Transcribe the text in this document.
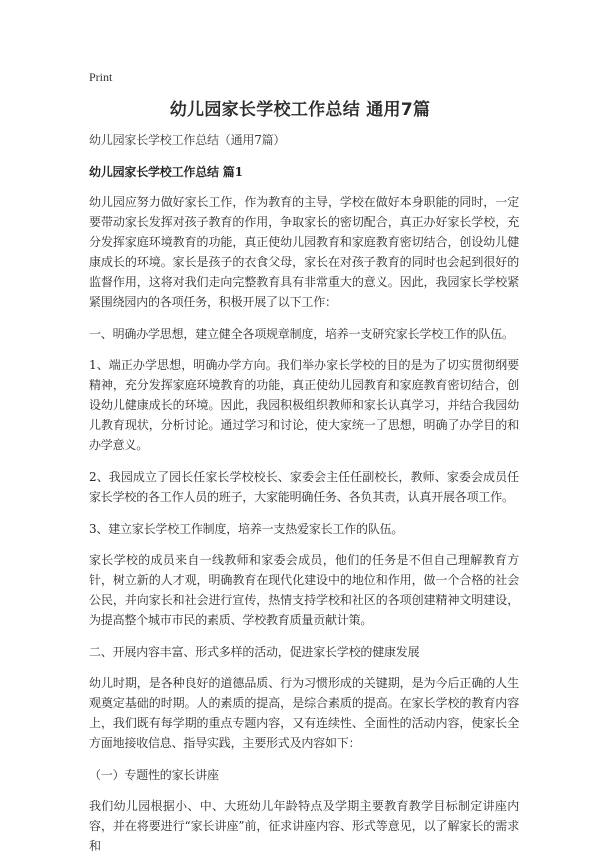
Print
幼儿园家长学校工作总结 通用7篇

幼儿园家长学校工作总结（通用7篇）

幼儿园家长学校工作总结 篇1

幼儿园应努力做好家长工作，作为教育的主导，学校在做好本身职能的同时，一定要带动家长发挥对孩子教育的作用，争取家长的密切配合，真正办好家长学校，充分发挥家庭环境教育的功能，真正使幼儿园教育和家庭教育密切结合，创设幼儿健康成长的环境。家长是孩子的衣食父母，家长在对孩子教育的同时也会起到很好的监督作用，这将对我们走向完整教育具有非常重大的意义。因此，我园家长学校紧紧围绕园内的各项任务，积极开展了以下工作：

一、明确办学思想，建立健全各项规章制度，培养一支研究家长学校工作的队伍。

1、端正办学思想，明确办学方向。我们举办家长学校的目的是为了切实贯彻纲要精神，充分发挥家庭环境教育的功能，真正使幼儿园教育和家庭教育密切结合，创设幼儿健康成长的环境。因此，我园积极组织教师和家长认真学习，并结合我园幼儿教育现状，分析讨论。通过学习和讨论，使大家统一了思想，明确了办学目的和办学意义。

2、我园成立了园长任家长学校校长、家委会主任任副校长，教师、家委会成员任家长学校的各工作人员的班子，大家能明确任务、各负其责，认真开展各项工作。

3、建立家长学校工作制度，培养一支热爱家长工作的队伍。

家长学校的成员来自一线教师和家委会成员，他们的任务是不但自己理解教育方针，树立新的人才观，明确教育在现代化建设中的地位和作用，做一个合格的社会公民，并向家长和社会进行宣传，热情支持学校和社区的各项创建精神文明建设，为提高整个城市市民的素质、学校教育质量贡献计策。

二、开展内容丰富、形式多样的活动，促进家长学校的健康发展

幼儿时期，是各种良好的道德品质、行为习惯形成的关键期，是为今后正确的人生观奠定基础的时期。人的素质的提高，是综合素质的提高。在家长学校的教育内容上，我们既有每学期的重点专题内容，又有连续性、全面性的活动内容，使家长全方面地接收信息、指导实践，主要形式及内容如下：

（一）专题性的家长讲座

我们幼儿园根据小、中、大班幼儿年龄特点及学期主要教育教学目标制定讲座内容，并在将要进行“家长讲座”前，征求讲座内容、形式等意见，以了解家长的需求和
